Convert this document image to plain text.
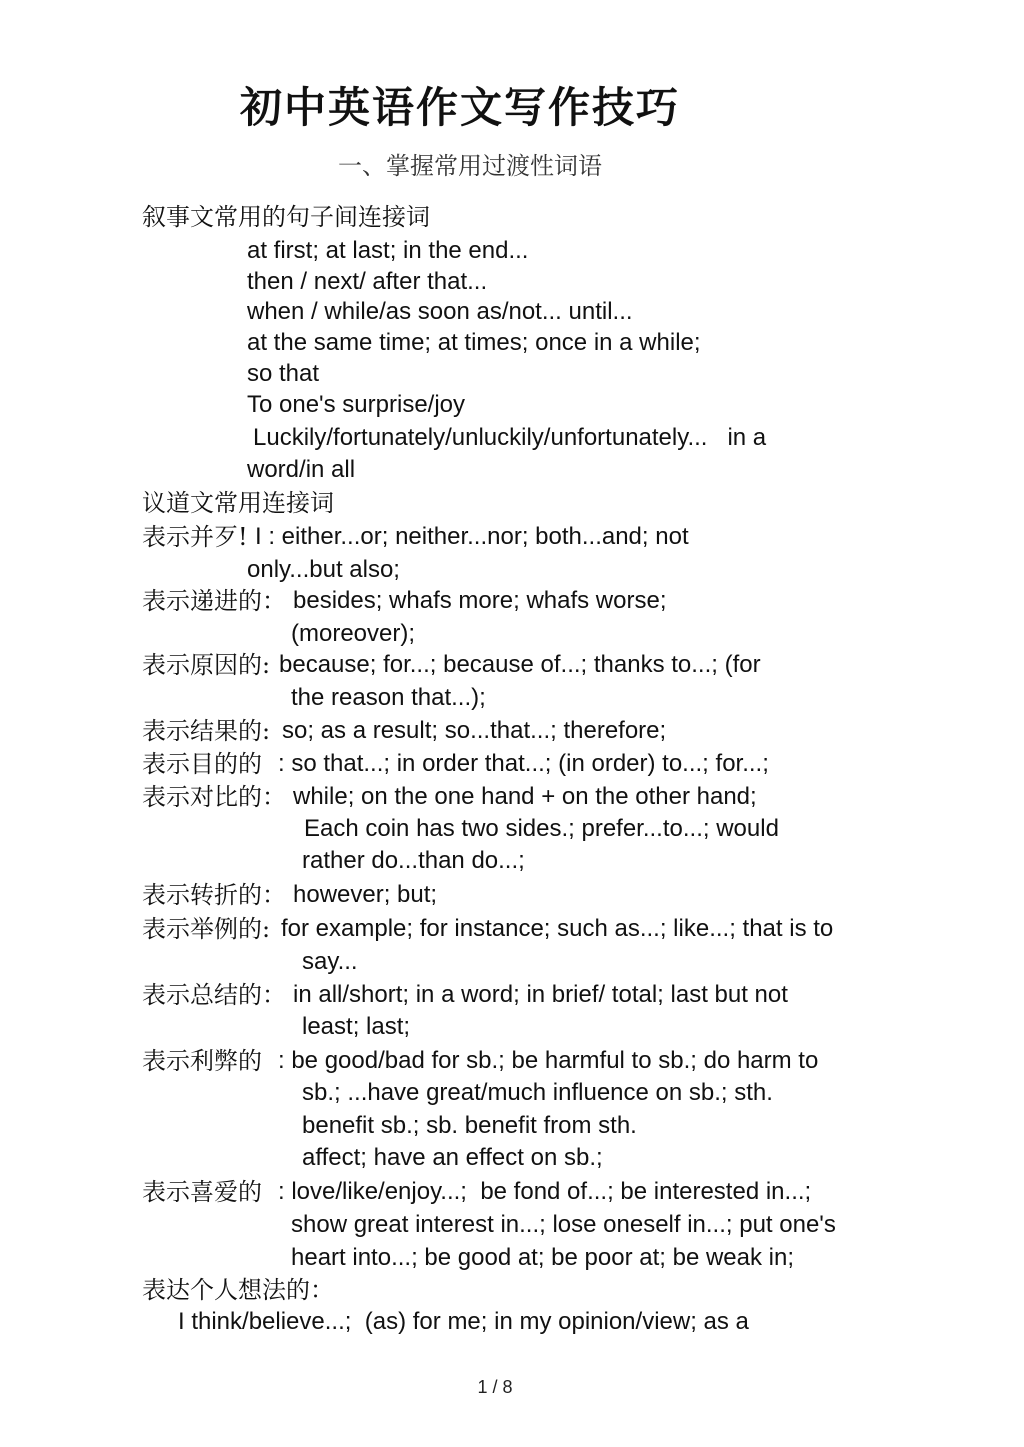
初中英语作文写作技巧
一、掌握常用过渡性词语
叙事文常用的句子间连接词
at first; at last; in the end...
then / next/ after that...
when / while/as soon as/not... until...
at the same time; at times; once in a while;
so that
To one's surprise/joy
Luckily/fortunately/unluckily/unfortunately...   in a
word/in all
议道文常用连接词
表示并歹! I : either...or; neither...nor; both...and; not
only...but also;
表示递进的： besides; whafs more; whafs worse;
(moreover);
表示原因的: because; for...; because of...; thanks to...; (for
the reason that...);
表示结果的: so; as a result; so...that...; therefore;
表示目的的 : so that...; in order that...; (in order) to...; for...;
表示对比的： while; on the one hand + on the other hand;
Each coin has two sides.; prefer...to...; would
rather do...than do...;
表示转折的： however; but;
表示举例的: for example; for instance; such as...; like...; that is to
say...
表示总结的： in all/short; in a word; in brief/ total; last but not
least; last;
表示利弊的 : be good/bad for sb.; be harmful to sb.; do harm to
sb.; ...have great/much influence on sb.; sth.
benefit sb.; sb. benefit from sth.
affect; have an effect on sb.;
表示喜爱的 : love/like/enjoy...;  be fond of...; be interested in...;
show great interest in...; lose oneself in...; put one's
heart into...; be good at; be poor at; be weak in;
表达个人想法的：
I think/believe...;  (as) for me; in my opinion/view; as a
1 / 8
